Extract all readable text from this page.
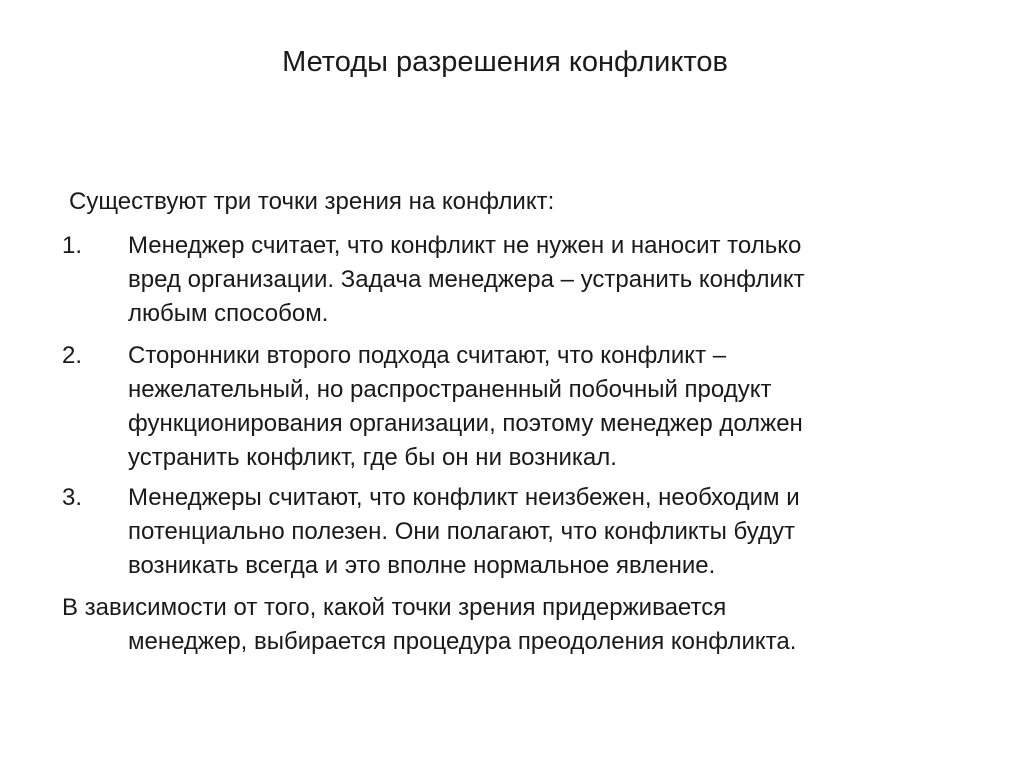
Методы разрешения конфликтов
Существуют три точки зрения на конфликт:
1. Менеджер считает, что конфликт не нужен и наносит только
вред организации. Задача менеджера – устранить конфликт
любым способом.
2. Сторонники второго подхода считают, что конфликт –
нежелательный, но распространенный побочный продукт
функционирования организации, поэтому менеджер должен
устранить конфликт, где бы он ни возникал.
3. Менеджеры считают, что конфликт неизбежен, необходим и
потенциально полезен. Они полагают, что конфликты будут
возникать всегда и это вполне нормальное явление.
В зависимости от того, какой точки зрения придерживается
менеджер, выбирается процедура преодоления конфликта.
